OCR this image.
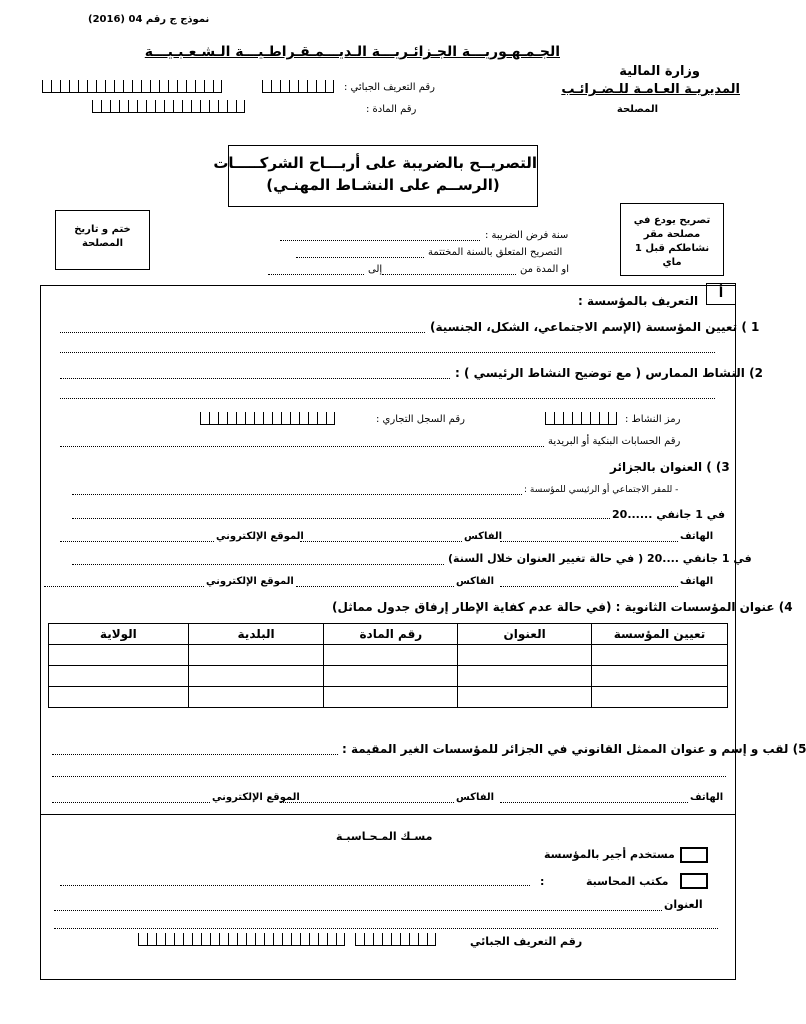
نموذج ج رقم 04 (2016)
الجـمـهـوريـــة الجـزائـريـــة الـديـــمـقـراطـيـــة الـشـعـبـيـــة
وزارة المالية
المديريـة العـامـة للـضـرائـب
المصلحة
رقم التعريف الجبائي :
رقم المادة :
التصريــح بالضريبة على أربـــاح الشركـــــات
(الرســم على النشـاط المهنـي)
تصريح يودع في مصلحة مقر نشاطكم قبل 1 ماي
ختم و تاريخ المصلحة
سنة فرض الضريبة :
التصريح المتعلق بالسنة المختتمة
او المدة من
إلى
أ
التعريف بالمؤسسة :
1 ) تعيين المؤسسة (الإسم الاجتماعي، الشكل، الجنسية)
2) النشاط الممارس ( مع توضيح النشاط الرئيسي ) :
رمز النشاط :
رقم السجل التجاري :
رقم الحسابات البنكية أو البريدية
3) ) العنوان بالجزائر
- للمقر الاجتماعي أو الرئيسي للمؤسسة :
في 1 جانفي ......20
الهاتف
الفاكس
الموقع الإلكتروني
في 1 جانفي ....20 ( في حالة تغيير العنوان خلال السنة)
الهاتف
الفاكس
الموقع الإلكتروني
4) عنوان المؤسسات الثانوية : (في حالة عدم كفاية الإطار إرفاق جدول مماثل)
تعيين المؤسسة	العنوان	رقم المادة	البلدية	الولاية

5) لقب و إسم و عنوان الممثل القانوني في الجزائر للمؤسسات الغير المقيمة :
الهاتف
الفاكس
الموقع الإلكتروني
مسـك المـحـاسبـة
مستخدم أجير بالمؤسسة
مكتب المحاسبة
:
العنوان
رقم التعريف الجبائي
